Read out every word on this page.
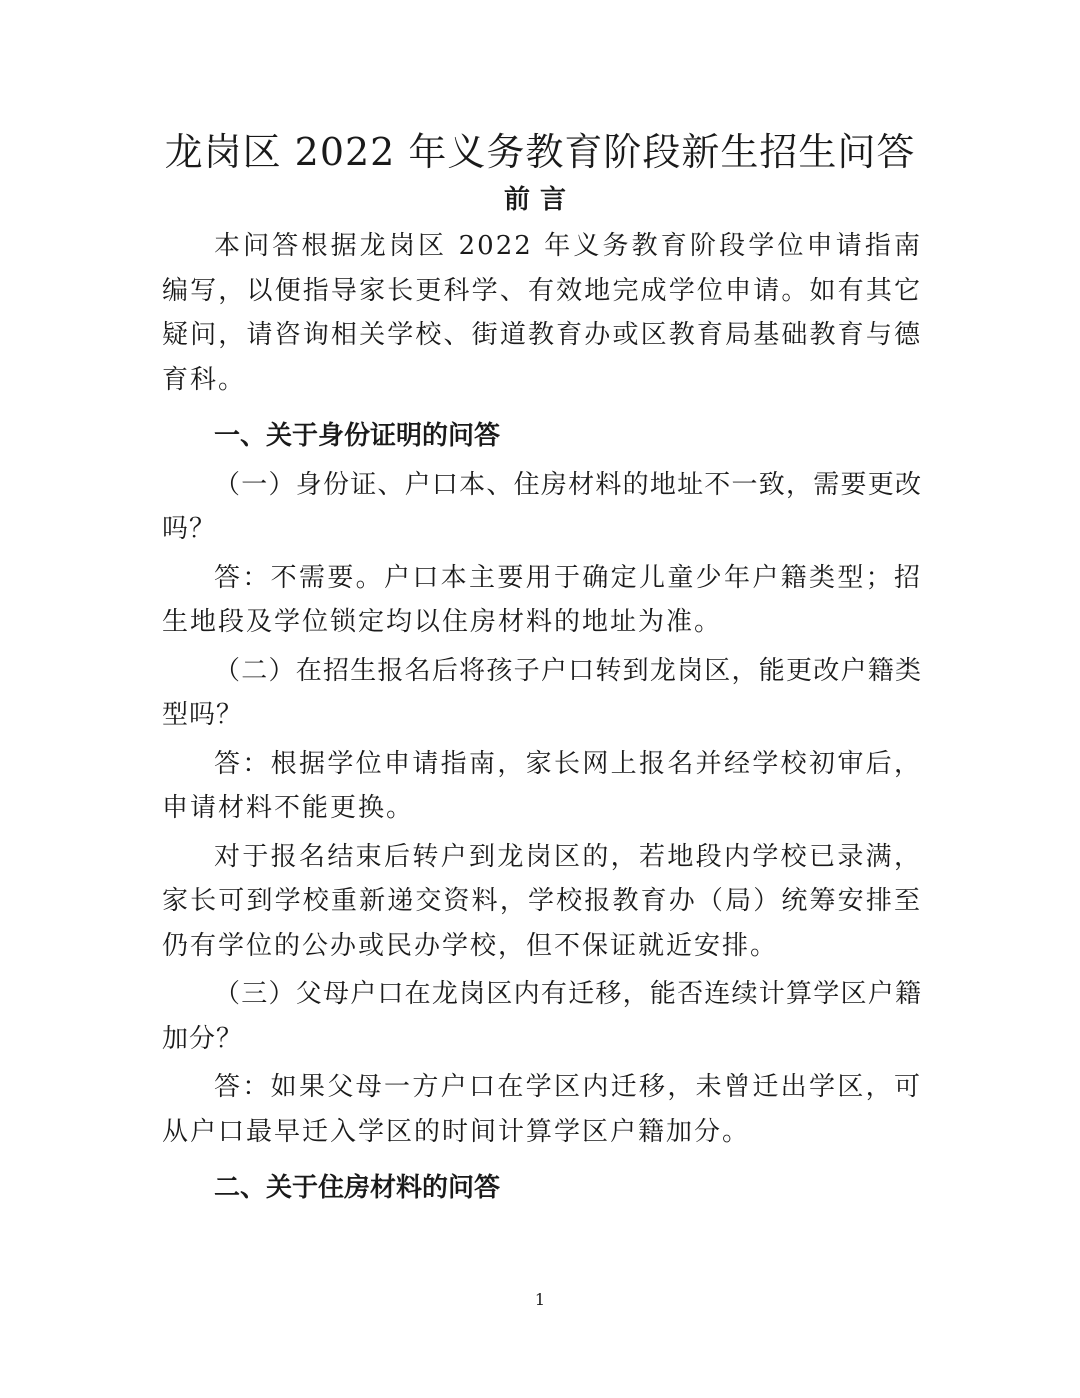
龙岗区 2022 年义务教育阶段新生招生问答
前言

本问答根据龙岗区 2022 年义务教育阶段学位申请指南编写，以便指导家长更科学、有效地完成学位申请。如有其它疑问，请咨询相关学校、街道教育办或区教育局基础教育与德育科。

一、关于身份证明的问答

（一）身份证、户口本、住房材料的地址不一致，需要更改吗？

答：不需要。户口本主要用于确定儿童少年户籍类型；招生地段及学位锁定均以住房材料的地址为准。

（二）在招生报名后将孩子户口转到龙岗区，能更改户籍类型吗？

答：根据学位申请指南，家长网上报名并经学校初审后，申请材料不能更换。

对于报名结束后转户到龙岗区的，若地段内学校已录满，家长可到学校重新递交资料，学校报教育办（局）统筹安排至仍有学位的公办或民办学校，但不保证就近安排。

（三）父母户口在龙岗区内有迁移，能否连续计算学区户籍加分？

答：如果父母一方户口在学区内迁移，未曾迁出学区，可从户口最早迁入学区的时间计算学区户籍加分。

二、关于住房材料的问答

1
